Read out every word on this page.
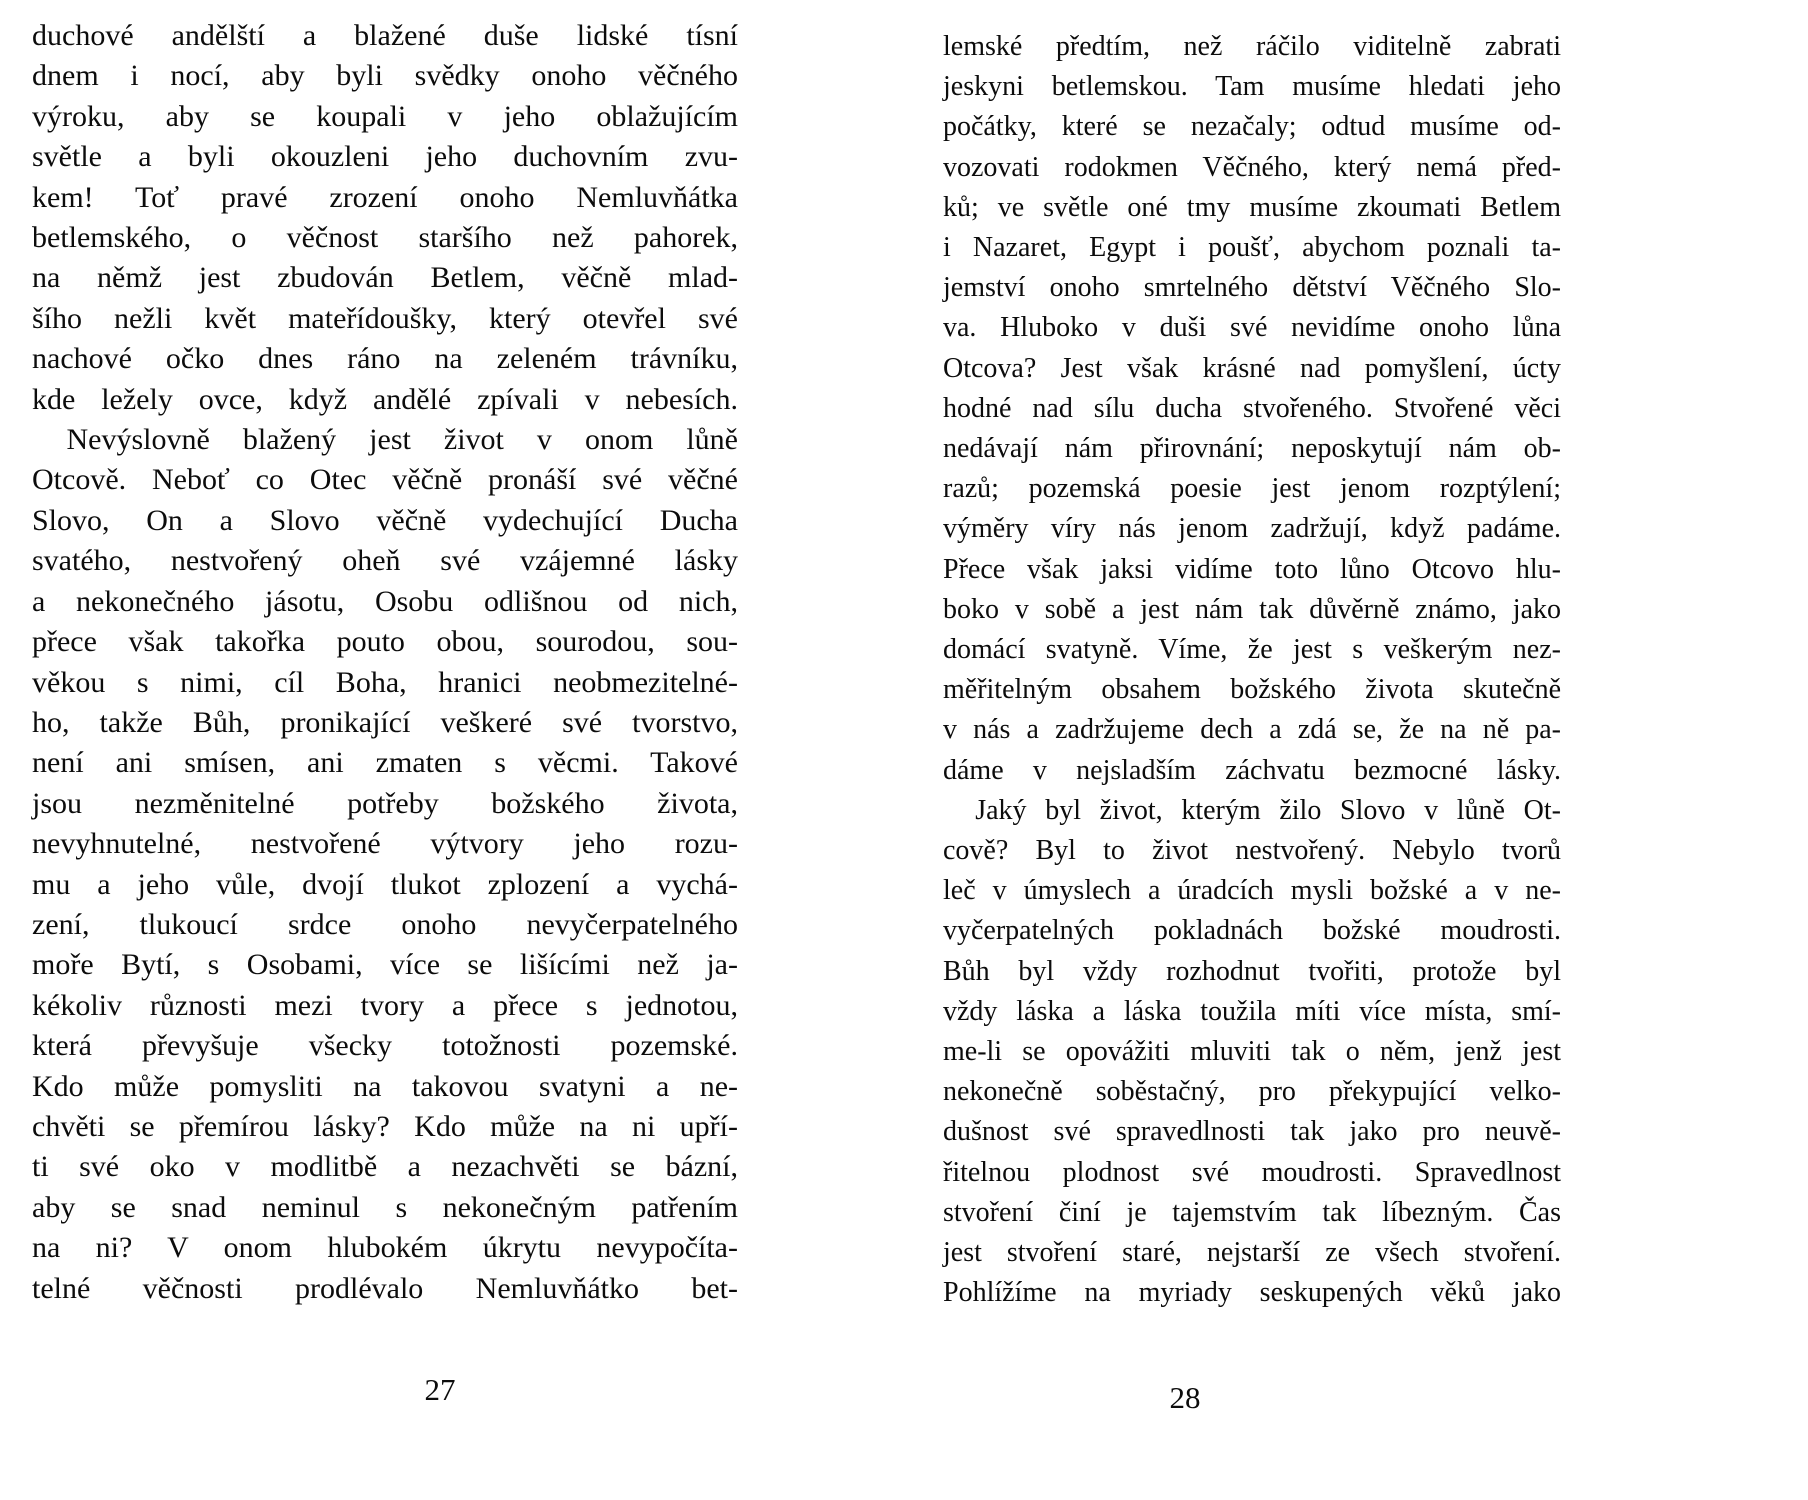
duchové andělští a blažené duše lidské tísní
dnem i nocí, aby byli svědky onoho věčného
výroku, aby se koupali v jeho oblažujícím
světle a byli okouzleni jeho duchovním zvu-
kem! Toť pravé zrození onoho Nemluvňátka
betlemského, o věčnost staršího než pahorek,
na němž jest zbudován Betlem, věčně mlad-
šího nežli květ mateřídoušky, který otevřel své
nachové očko dnes ráno na zeleném trávníku,
kde ležely ovce, když andělé zpívali v nebesích.
Nevýslovně blažený jest život v onom lůně
Otcově. Neboť co Otec věčně pronáší své věčné
Slovo, On a Slovo věčně vydechující Ducha
svatého, nestvořený oheň své vzájemné lásky
a nekonečného jásotu, Osobu odlišnou od nich,
přece však takořka pouto obou, sourodou, sou-
věkou s nimi, cíl Boha, hranici neobmezitelné-
ho, takže Bůh, pronikající veškeré své tvorstvo,
není ani smísen, ani zmaten s věcmi. Takové
jsou nezměnitelné potřeby božského života,
nevyhnutelné, nestvořené výtvory jeho rozu-
mu a jeho vůle, dvojí tlukot zplození a vychá-
zení, tlukoucí srdce onoho nevyčerpatelného
moře Bytí, s Osobami, více se lišícími než ja-
kékoliv různosti mezi tvory a přece s jednotou,
která převyšuje všecky totožnosti pozemské.
Kdo může pomysliti na takovou svatyni a ne-
chvěti se přemírou lásky? Kdo může na ni upří-
ti své oko v modlitbě a nezachvěti se bázní,
aby se snad neminul s nekonečným patřením
na ni? V onom hlubokém úkrytu nevypočíta-
telné věčnosti prodlévalo Nemluvňátko bet-
lemské předtím, než ráčilo viditelně zabrati
jeskyni betlemskou. Tam musíme hledati jeho
počátky, které se nezačaly; odtud musíme od-
vozovati rodokmen Věčného, který nemá před-
ků; ve světle oné tmy musíme zkoumati Betlem
i Nazaret, Egypt i poušť, abychom poznali ta-
jemství onoho smrtelného dětství Věčného Slo-
va. Hluboko v duši své nevidíme onoho lůna
Otcova? Jest však krásné nad pomyšlení, úcty
hodné nad sílu ducha stvořeného. Stvořené věci
nedávají nám přirovnání; neposkytují nám ob-
razů; pozemská poesie jest jenom rozptýlení;
výměry víry nás jenom zadržují, když padáme.
Přece však jaksi vidíme toto lůno Otcovo hlu-
boko v sobě a jest nám tak důvěrně známo, jako
domácí svatyně. Víme, že jest s veškerým nez-
měřitelným obsahem božského života skutečně
v nás a zadržujeme dech a zdá se, že na ně pa-
dáme v nejsladším záchvatu bezmocné lásky.
Jaký byl život, kterým žilo Slovo v lůně Ot-
cově? Byl to život nestvořený. Nebylo tvorů
leč v úmyslech a úradcích mysli božské a v ne-
vyčerpatelných pokladnách božské moudrosti.
Bůh byl vždy rozhodnut tvořiti, protože byl
vždy láska a láska toužila míti více místa, smí-
me-li se opovážiti mluviti tak o něm, jenž jest
nekonečně soběstačný, pro překypující velko-
dušnost své spravedlnosti tak jako pro neuvě-
řitelnou plodnost své moudrosti. Spravedlnost
stvoření činí je tajemstvím tak líbezným. Čas
jest stvoření staré, nejstarší ze všech stvoření.
Pohlížíme na myriady seskupených věků jako
27	28
